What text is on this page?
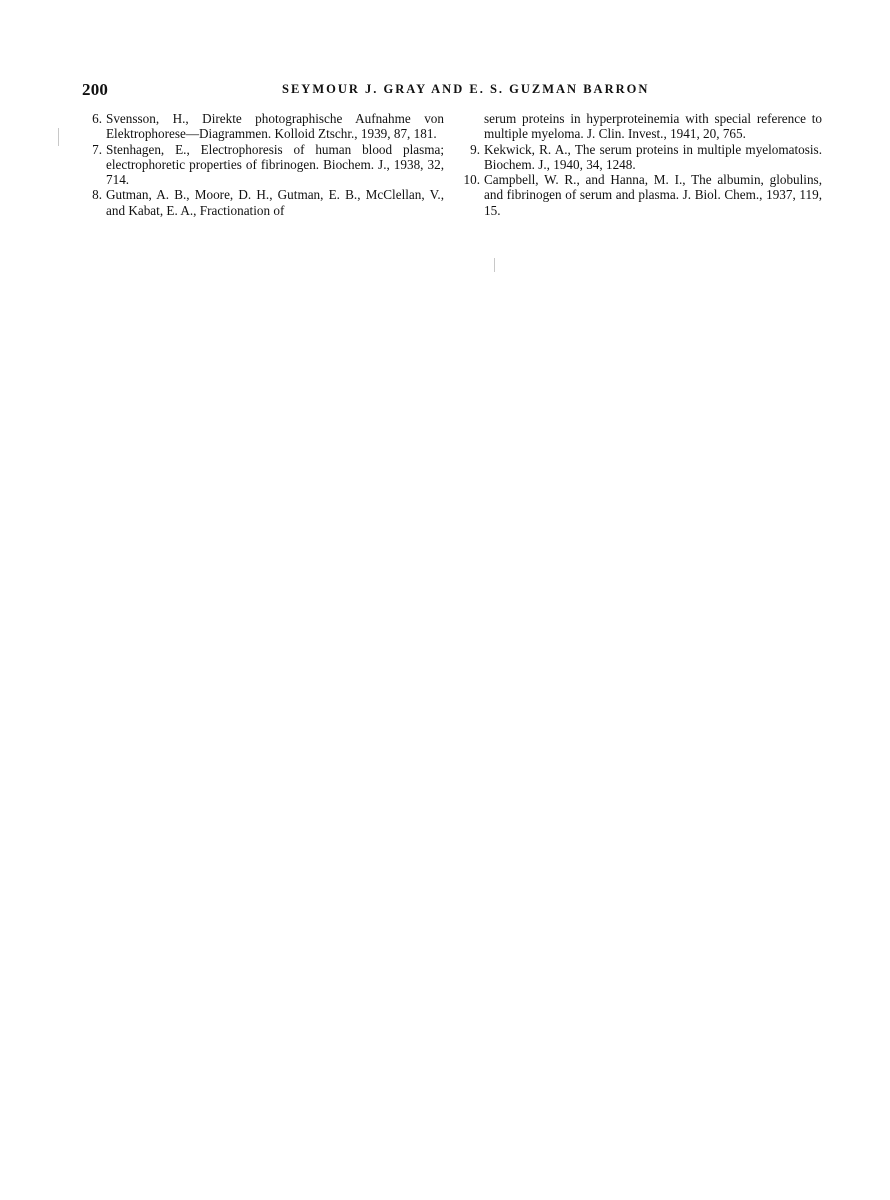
200	SEYMOUR J. GRAY AND E. S. GUZMAN BARRON
6. Svensson, H., Direkte photographische Aufnahme von Elektrophorese—Diagrammen. Kolloid Ztschr., 1939, 87, 181.
7. Stenhagen, E., Electrophoresis of human blood plasma; electrophoretic properties of fibrinogen. Biochem. J., 1938, 32, 714.
8. Gutman, A. B., Moore, D. H., Gutman, E. B., McClellan, V., and Kabat, E. A., Fractionation of
serum proteins in hyperproteinemia with special reference to multiple myeloma. J. Clin. Invest., 1941, 20, 765.
9. Kekwick, R. A., The serum proteins in multiple myelomatosis. Biochem. J., 1940, 34, 1248.
10. Campbell, W. R., and Hanna, M. I., The albumin, globulins, and fibrinogen of serum and plasma. J. Biol. Chem., 1937, 119, 15.
